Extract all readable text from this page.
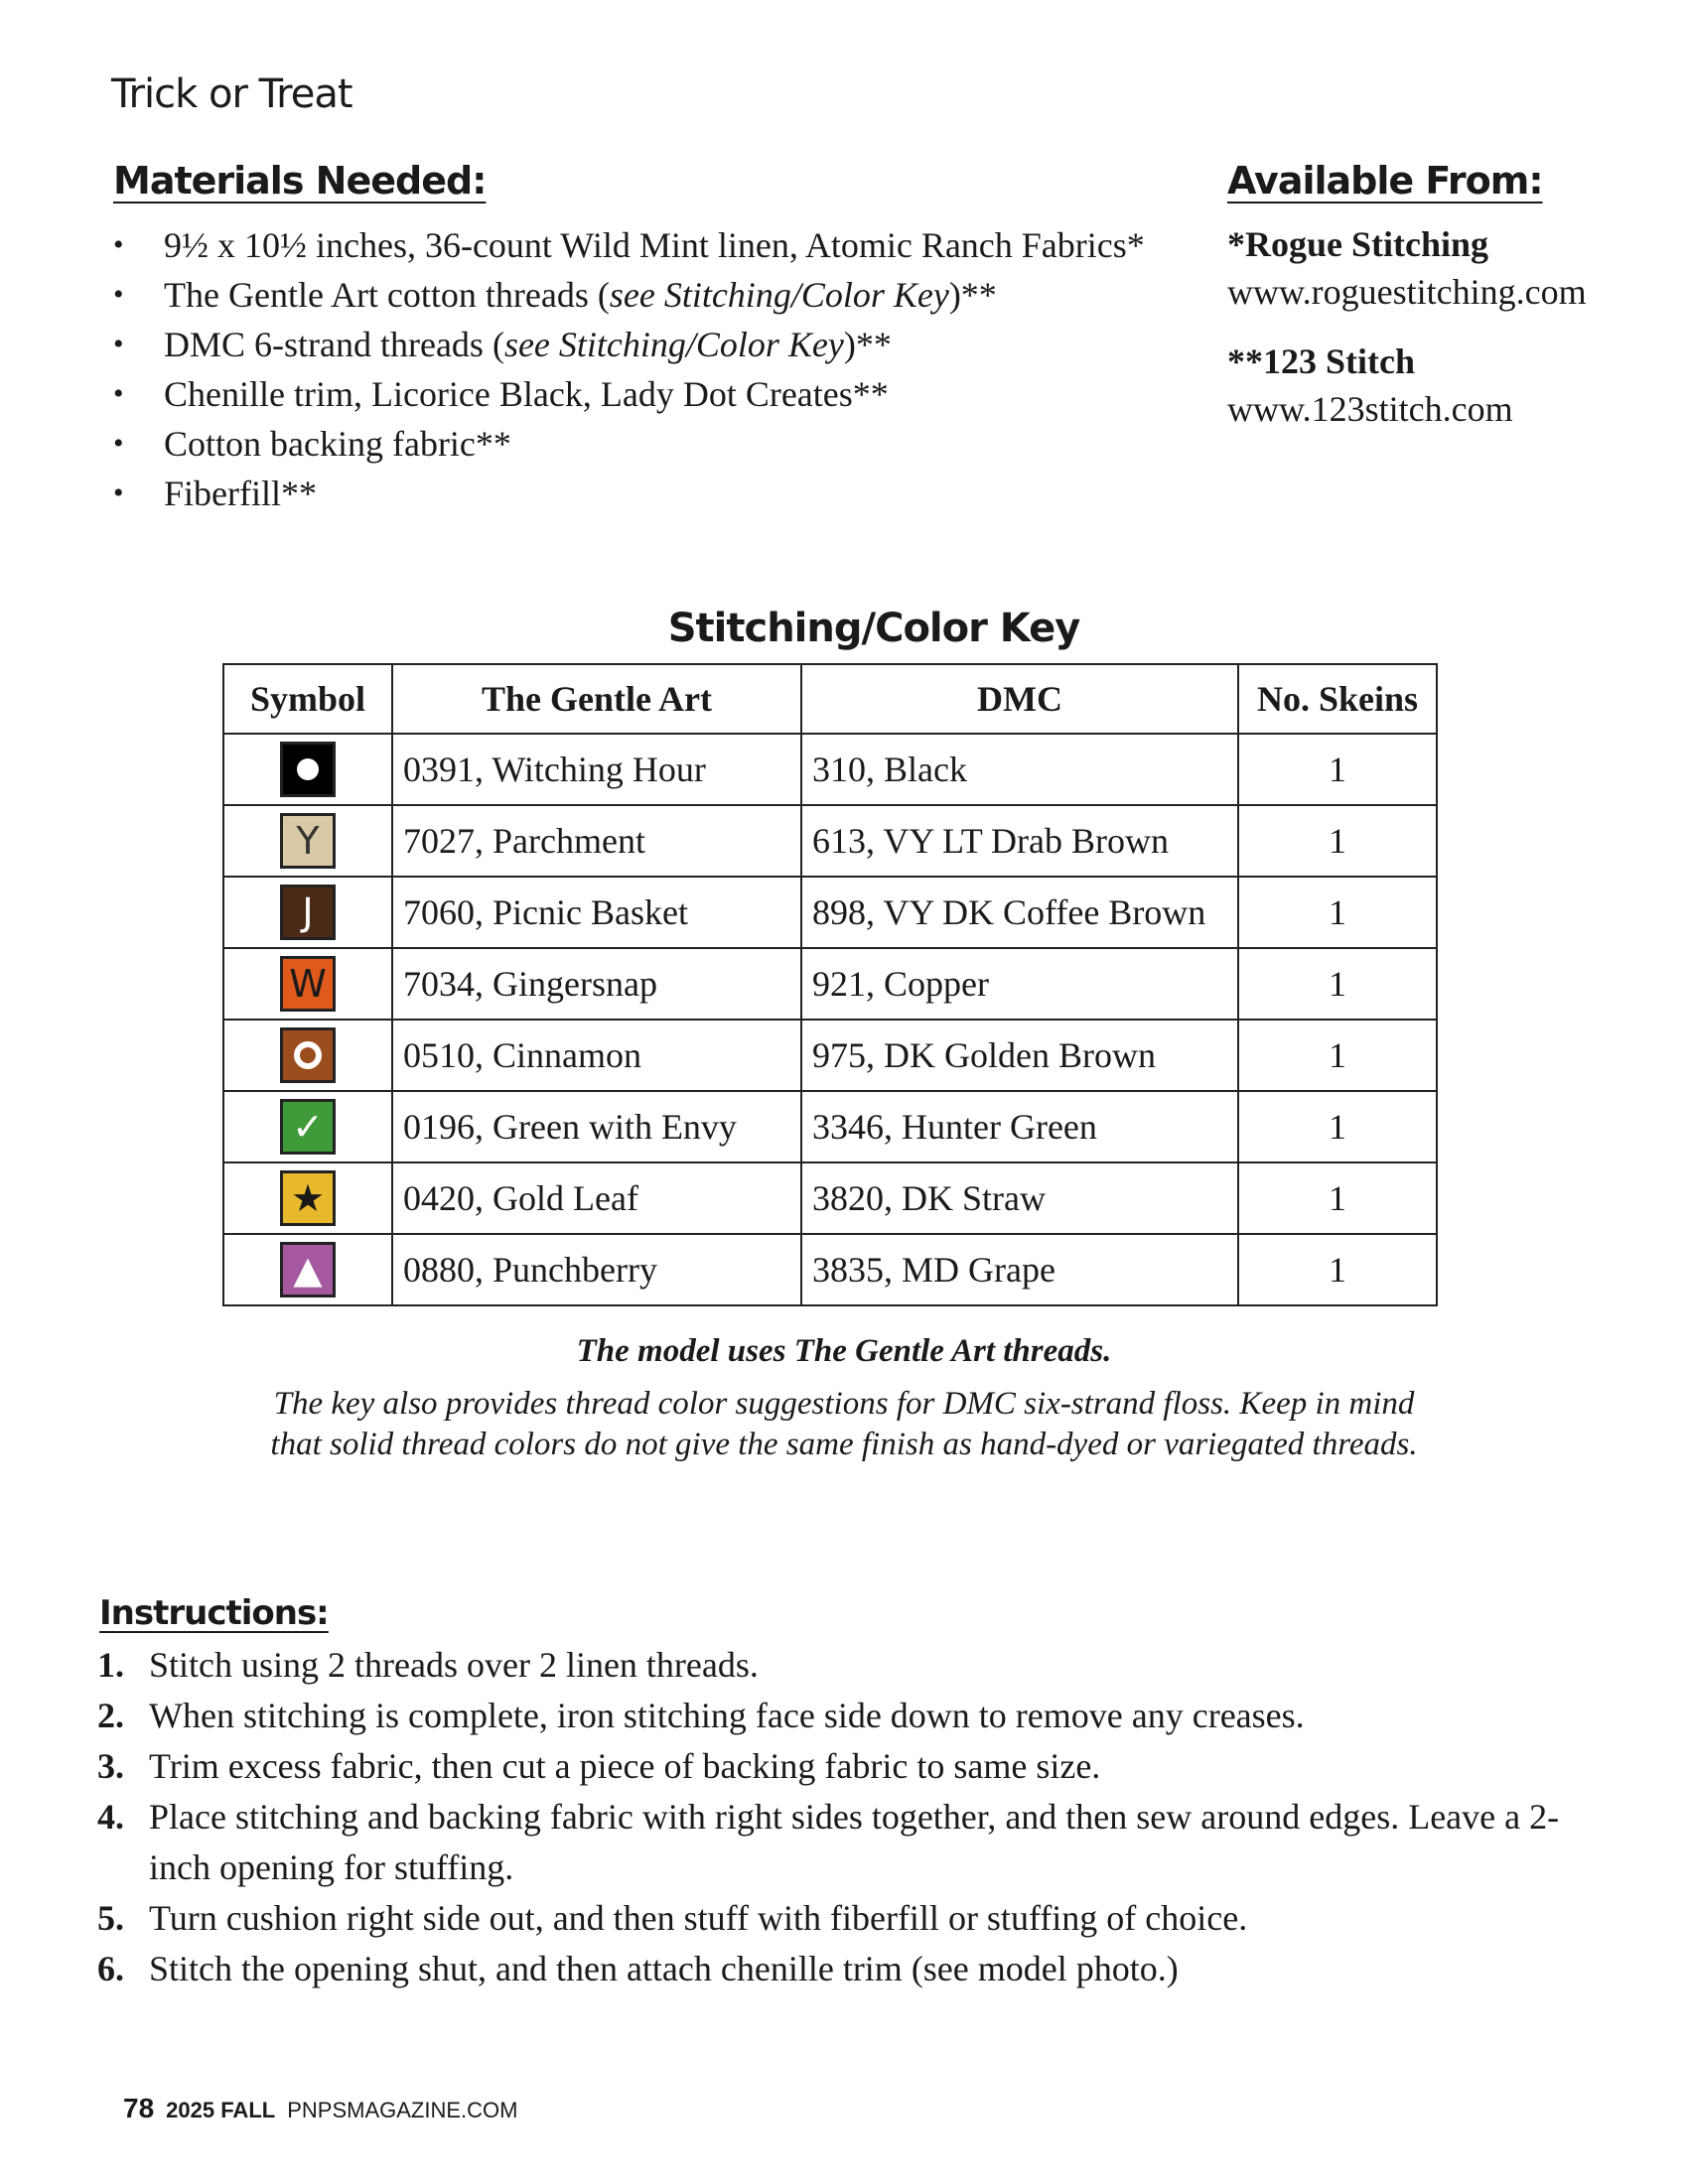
Trick or Treat
Materials Needed:
• 9½ x 10½ inches, 36-count Wild Mint linen, Atomic Ranch Fabrics*
• The Gentle Art cotton threads (see Stitching/Color Key)**
• DMC 6-strand threads (see Stitching/Color Key)**
• Chenille trim, Licorice Black, Lady Dot Creates**
• Cotton backing fabric**
• Fiberfill**
Available From:

*Rogue Stitching

www.roguestitching.com

**123 Stitch

www.123stitch.com

Stitching/Color Key
Symbol	The Gentle Art	DMC	No. Skeins

	0391, Witching Hour	310, Black	1
Y	7027, Parchment	613, VY LT Drab Brown	1
J	7060, Picnic Basket	898, VY DK Coffee Brown	1
W	7034, Gingersnap	921, Copper	1

	0510, Cinnamon	975, DK Golden Brown	1
✓	0196, Green with Envy	3346, Hunter Green	1
★	0420, Gold Leaf	3820, DK Straw	1
▲	0880, Punchberry	3835, MD Grape	1

The model uses The Gentle Art threads.

The key also provides thread color suggestions for DMC six-strand floss. Keep in mind

that solid thread colors do not give the same finish as hand-dyed or variegated threads.

Instructions:
1. Stitch using 2 threads over 2 linen threads.
2. When stitching is complete, iron stitching face side down to remove any creases.
3. Trim excess fabric, then cut a piece of backing fabric to same size.
4. Place stitching and backing fabric with right sides together, and then sew around edges. Leave a 2-inch opening for stuffing.
5. Turn cushion right side out, and then stuff with fiberfill or stuffing of choice.
6. Stitch the opening shut, and then attach chenille trim (see model photo.)

78 2025 FALL PNPSMAGAZINE.COM
